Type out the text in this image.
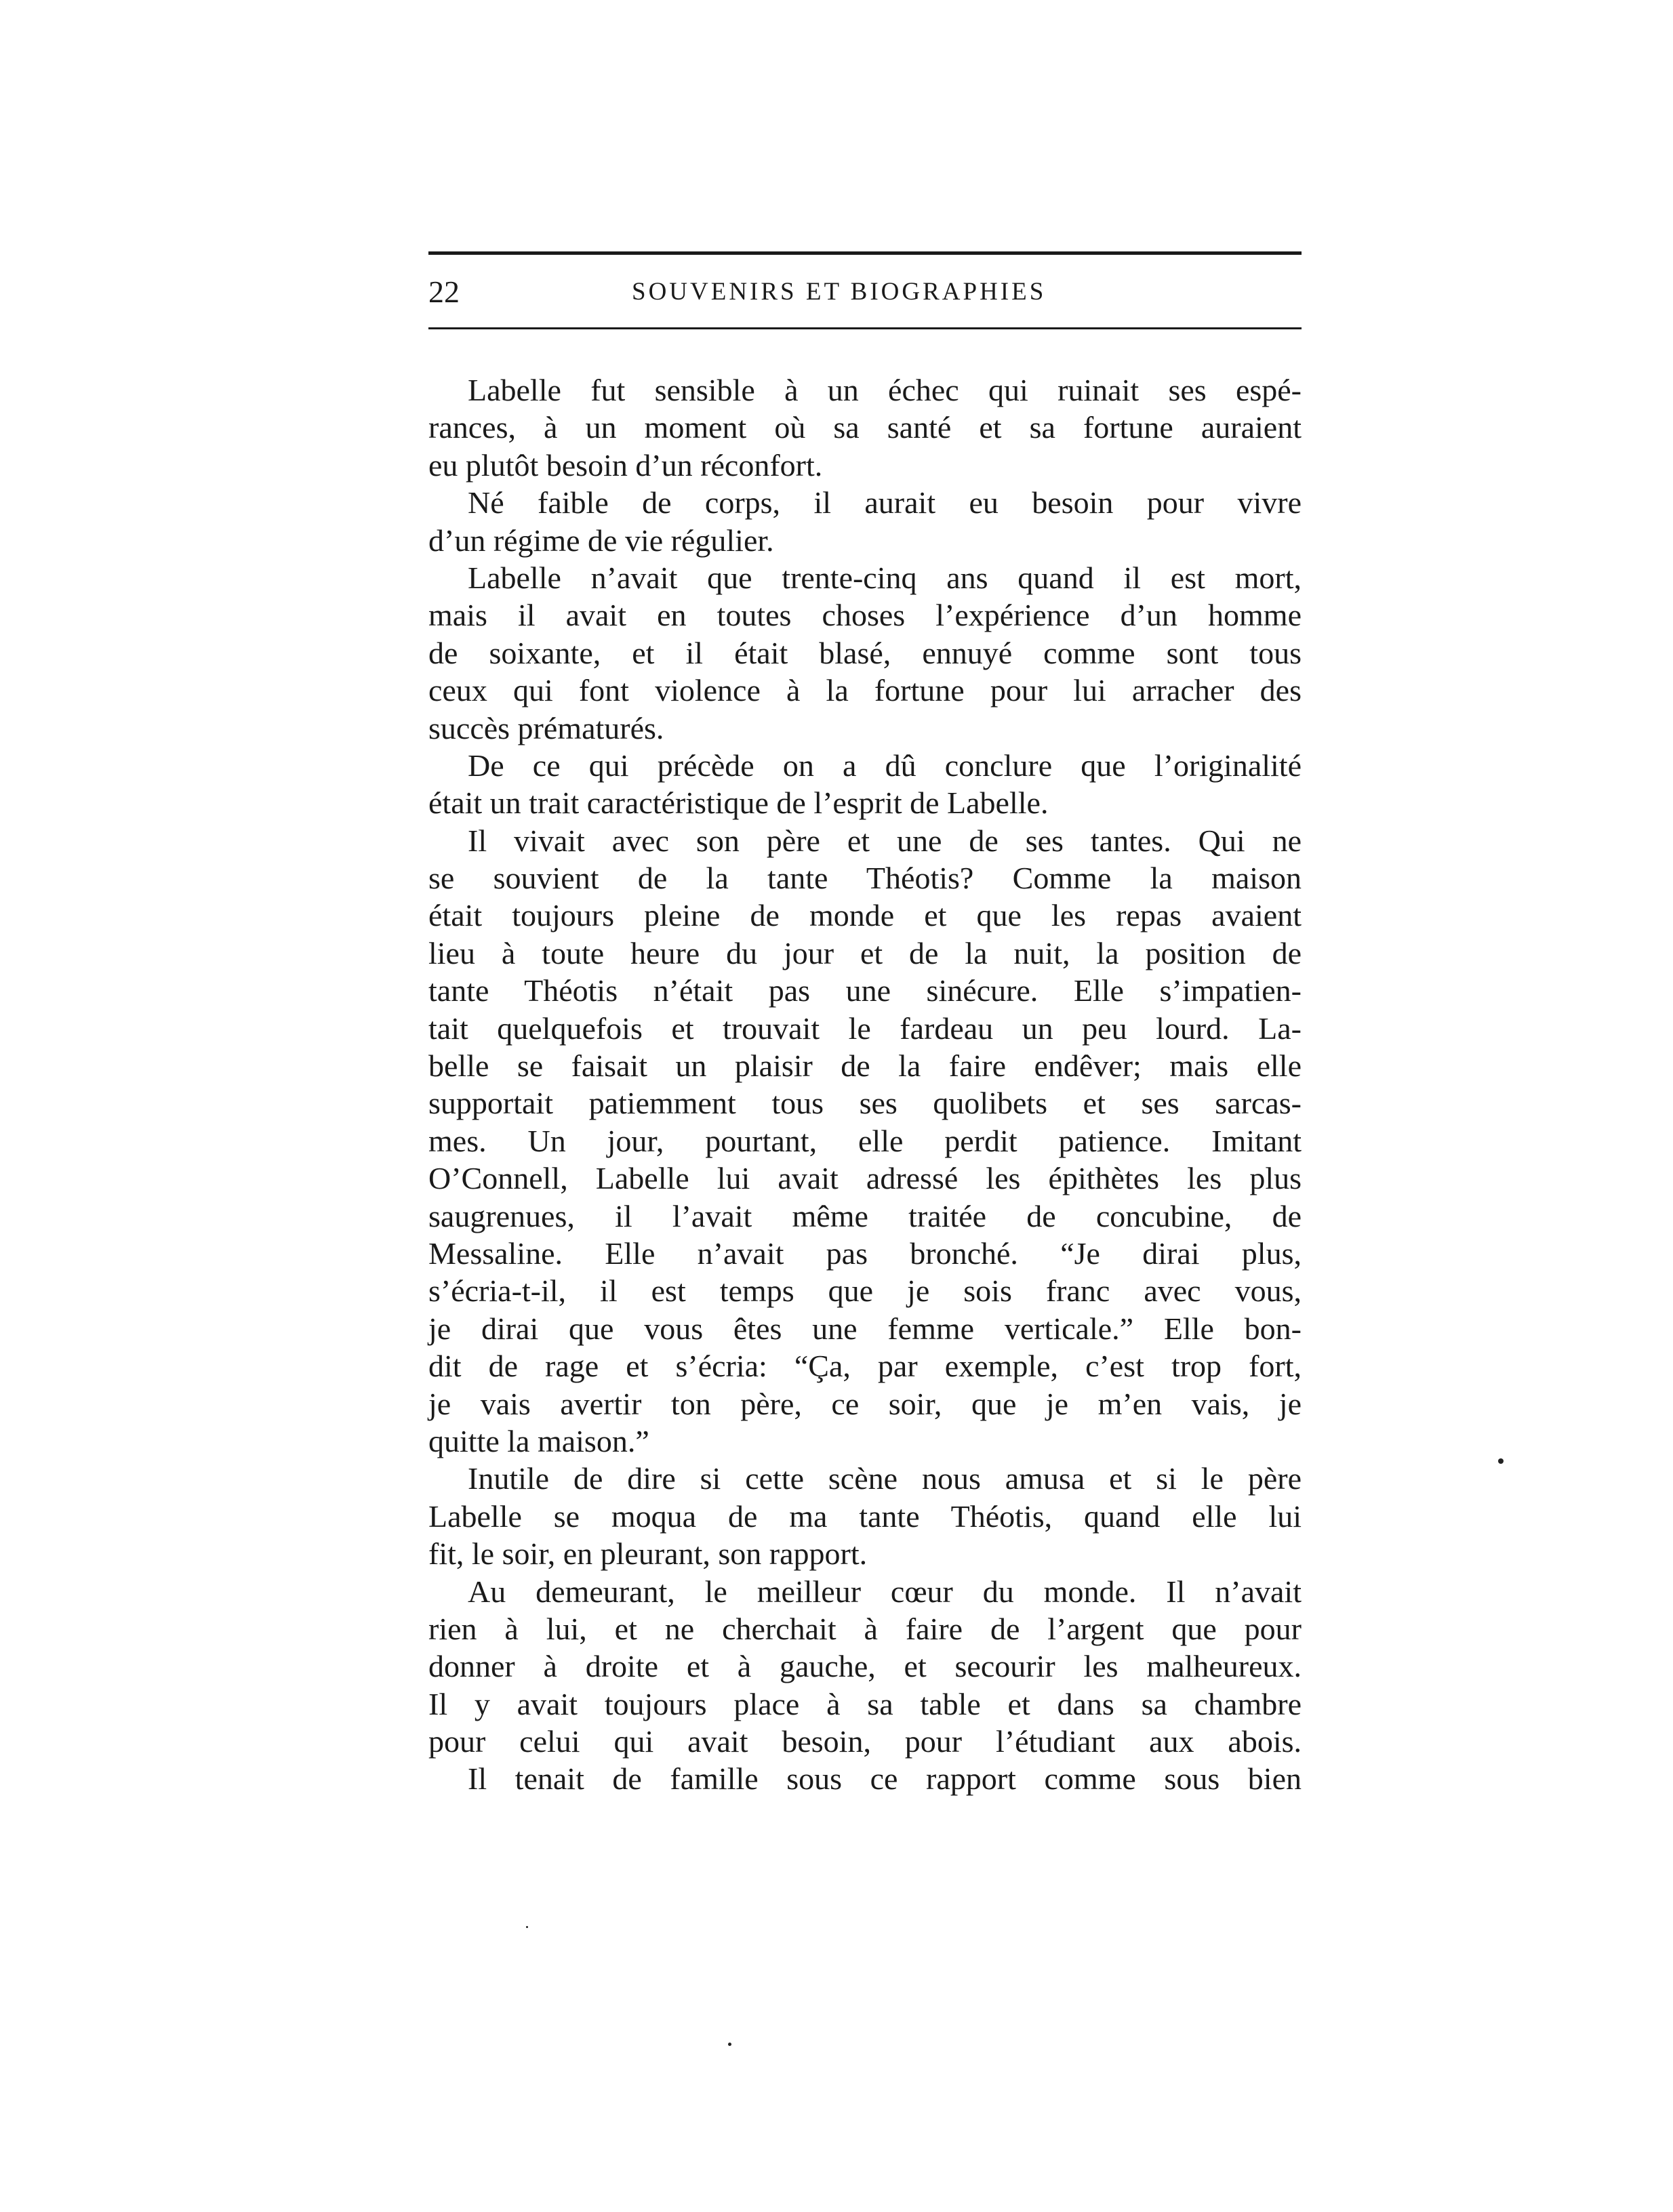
22	SOUVENIRS ET BIOGRAPHIES
Labelle fut sensible à un échec qui ruinait ses espé-
rances, à un moment où sa santé et sa fortune auraient
eu plutôt besoin d’un réconfort.
Né faible de corps, il aurait eu besoin pour vivre
d’un régime de vie régulier.
Labelle n’avait que trente-cinq ans quand il est mort,
mais il avait en toutes choses l’expérience d’un homme
de soixante, et il était blasé, ennuyé comme sont tous
ceux qui font violence à la fortune pour lui arracher des
succès prématurés.
De ce qui précède on a dû conclure que l’originalité
était un trait caractéristique de l’esprit de Labelle.
Il vivait avec son père et une de ses tantes. Qui ne
se souvient de la tante Théotis? Comme la maison
était toujours pleine de monde et que les repas avaient
lieu à toute heure du jour et de la nuit, la position de
tante Théotis n’était pas une sinécure. Elle s’impatien-
tait quelquefois et trouvait le fardeau un peu lourd. La-
belle se faisait un plaisir de la faire endêver; mais elle
supportait patiemment tous ses quolibets et ses sarcas-
mes. Un jour, pourtant, elle perdit patience. Imitant
O’Connell, Labelle lui avait adressé les épithètes les plus
saugrenues, il l’avait même traitée de concubine, de
Messaline. Elle n’avait pas bronché. “Je dirai plus,
s’écria-t-il, il est temps que je sois franc avec vous,
je dirai que vous êtes une femme verticale.” Elle bon-
dit de rage et s’écria: “Ça, par exemple, c’est trop fort,
je vais avertir ton père, ce soir, que je m’en vais, je
quitte la maison.”
Inutile de dire si cette scène nous amusa et si le père
Labelle se moqua de ma tante Théotis, quand elle lui
fit, le soir, en pleurant, son rapport.
Au demeurant, le meilleur cœur du monde. Il n’avait
rien à lui, et ne cherchait à faire de l’argent que pour
donner à droite et à gauche, et secourir les malheureux.
Il y avait toujours place à sa table et dans sa chambre
pour celui qui avait besoin, pour l’étudiant aux abois.
Il tenait de famille sous ce rapport comme sous bien
